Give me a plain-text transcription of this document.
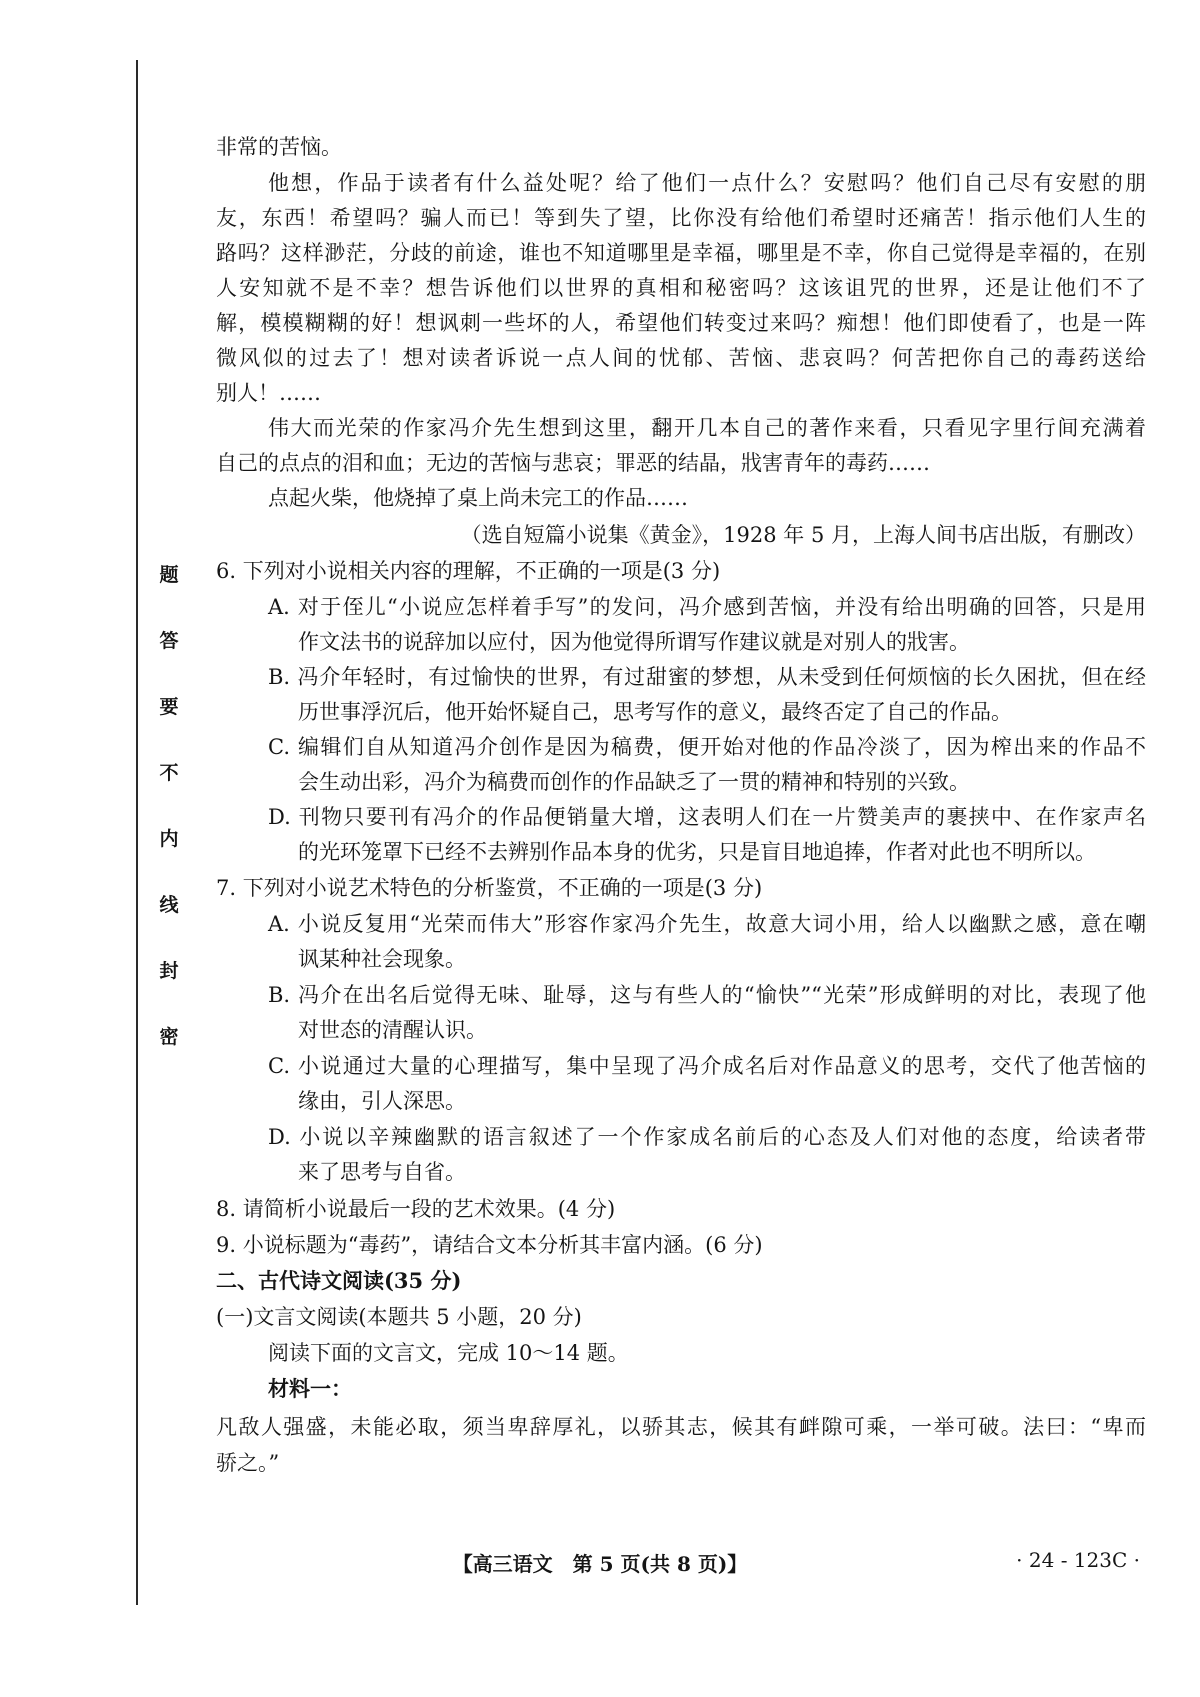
题
答
要
不
内
线
封
密
非常的苦恼。
他想，作品于读者有什么益处呢？给了他们一点什么？安慰吗？他们自己尽有安慰的朋
友，东西！希望吗？骗人而已！等到失了望，比你没有给他们希望时还痛苦！指示他们人生的
路吗？这样渺茫，分歧的前途，谁也不知道哪里是幸福，哪里是不幸，你自己觉得是幸福的，在别
人安知就不是不幸？想告诉他们以世界的真相和秘密吗？这该诅咒的世界，还是让他们不了
解，模模糊糊的好！想讽刺一些坏的人，希望他们转变过来吗？痴想！他们即使看了，也是一阵
微风似的过去了！想对读者诉说一点人间的忧郁、苦恼、悲哀吗？何苦把你自己的毒药送给
别人！……
伟大而光荣的作家冯介先生想到这里，翻开几本自己的著作来看，只看见字里行间充满着
自己的点点的泪和血；无边的苦恼与悲哀；罪恶的结晶，戕害青年的毒药……
点起火柴，他烧掉了桌上尚未完工的作品……
（选自短篇小说集《黄金》，1928 年 5 月，上海人间书店出版，有删改）
6. 下列对小说相关内容的理解，不正确的一项是(3 分)
A. 对于侄儿“小说应怎样着手写”的发问，冯介感到苦恼，并没有给出明确的回答，只是用
作文法书的说辞加以应付，因为他觉得所谓写作建议就是对别人的戕害。
B. 冯介年轻时，有过愉快的世界，有过甜蜜的梦想，从未受到任何烦恼的长久困扰，但在经
历世事浮沉后，他开始怀疑自己，思考写作的意义，最终否定了自己的作品。
C. 编辑们自从知道冯介创作是因为稿费，便开始对他的作品冷淡了，因为榨出来的作品不
会生动出彩，冯介为稿费而创作的作品缺乏了一贯的精神和特别的兴致。
D. 刊物只要刊有冯介的作品便销量大增，这表明人们在一片赞美声的裹挟中、在作家声名
的光环笼罩下已经不去辨别作品本身的优劣，只是盲目地追捧，作者对此也不明所以。
7. 下列对小说艺术特色的分析鉴赏，不正确的一项是(3 分)
A. 小说反复用“光荣而伟大”形容作家冯介先生，故意大词小用，给人以幽默之感，意在嘲
讽某种社会现象。
B. 冯介在出名后觉得无味、耻辱，这与有些人的“愉快”“光荣”形成鲜明的对比，表现了他
对世态的清醒认识。
C. 小说通过大量的心理描写，集中呈现了冯介成名后对作品意义的思考，交代了他苦恼的
缘由，引人深思。
D. 小说以辛辣幽默的语言叙述了一个作家成名前后的心态及人们对他的态度，给读者带
来了思考与自省。
8. 请简析小说最后一段的艺术效果。(4 分)
9. 小说标题为“毒药”，请结合文本分析其丰富内涵。(6 分)
二、古代诗文阅读(35 分)
(一)文言文阅读(本题共 5 小题，20 分)
阅读下面的文言文，完成 10～14 题。
材料一：
凡敌人强盛，未能必取，须当卑辞厚礼，以骄其志，候其有衅隙可乘，一举可破。法曰：“卑而
骄之。”
【高三语文　第 5 页(共 8 页)】	· 24 - 123C ·
